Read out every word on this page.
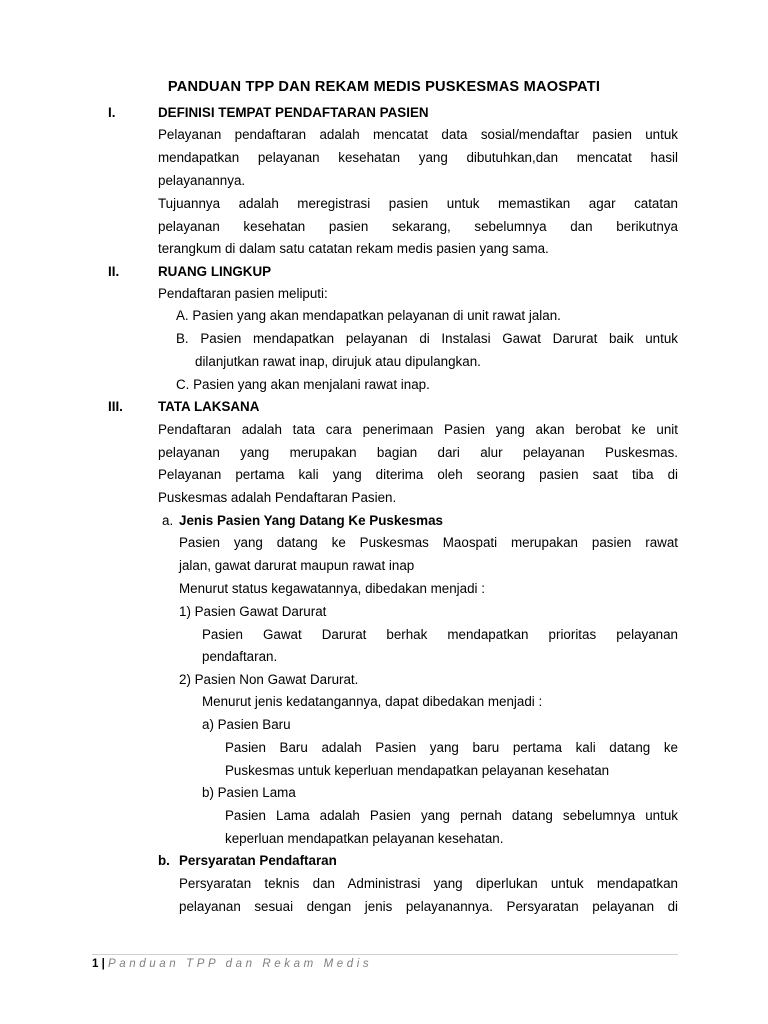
PANDUAN TPP DAN REKAM MEDIS PUSKESMAS MAOSPATI
I.	DEFINISI TEMPAT PENDAFTARAN PASIEN
Pelayanan pendaftaran adalah mencatat data sosial/mendaftar pasien untuk
mendapatkan pelayanan kesehatan yang dibutuhkan,dan mencatat hasil
pelayanannya.
Tujuannya adalah meregistrasi pasien untuk memastikan agar catatan
pelayanan kesehatan pasien sekarang, sebelumnya dan berikutnya
terangkum di dalam satu catatan rekam medis pasien yang sama.
II.	RUANG LINGKUP
Pendaftaran pasien meliputi:
A. Pasien yang akan mendapatkan pelayanan di unit rawat jalan.
B. Pasien mendapatkan pelayanan di Instalasi Gawat Darurat baik untuk
dilanjutkan rawat inap, dirujuk atau dipulangkan.
C. Pasien yang akan menjalani rawat inap.
III.	TATA LAKSANA
Pendaftaran adalah tata cara penerimaan Pasien yang akan berobat ke unit
pelayanan yang merupakan bagian dari alur pelayanan Puskesmas.
Pelayanan pertama kali yang diterima oleh seorang pasien saat tiba di
Puskesmas adalah Pendaftaran Pasien.
a. Jenis Pasien Yang Datang Ke Puskesmas
Pasien yang datang ke Puskesmas Maospati merupakan pasien rawat
jalan, gawat darurat maupun rawat inap
Menurut status kegawatannya, dibedakan menjadi :
1) Pasien Gawat Darurat
Pasien Gawat Darurat berhak mendapatkan prioritas pelayanan
pendaftaran.
2) Pasien Non Gawat Darurat.
Menurut jenis kedatangannya, dapat dibedakan menjadi :
a) Pasien Baru
Pasien Baru adalah Pasien yang baru pertama kali datang ke
Puskesmas untuk keperluan mendapatkan pelayanan kesehatan
b) Pasien Lama
Pasien Lama adalah Pasien yang pernah datang sebelumnya untuk
keperluan mendapatkan pelayanan kesehatan.
b. Persyaratan Pendaftaran
Persyaratan teknis dan Administrasi yang diperlukan untuk mendapatkan
pelayanan sesuai dengan jenis pelayanannya. Persyaratan pelayanan di
1 | Panduan TPP dan Rekam Medis
